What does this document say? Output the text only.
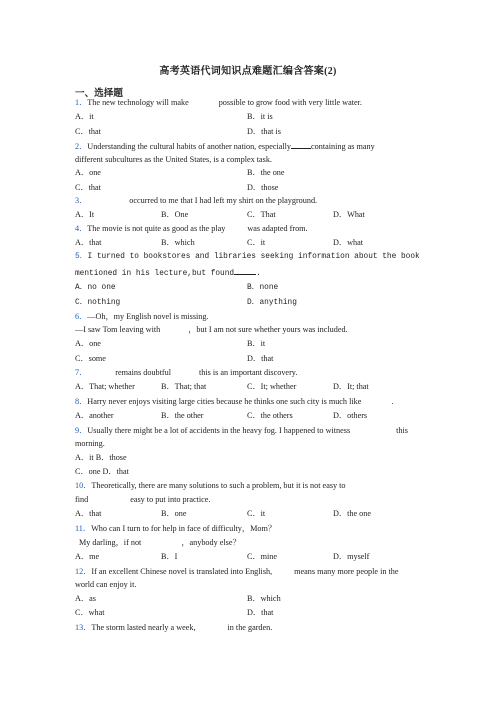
高考英语代词知识点难题汇编含答案(2)
一、选择题
1．The new technology will make	possible to grow food with very little water.
A．it	B．it is
C．that	D．that is
2．Understanding the cultural habits of another nation, especially containing as many
different subcultures as the United States, is a complex task.
A．one	B．the one
C．that	D．those
3．	occurred to me that I had left my shirt on the playground.
A．It	B．One	C．That	D．What
4．The movie is not quite as good as the play	was adapted from.
A．that	B．which	C．it	D．what
5．I turned to bookstores and libraries seeking information about the book
mentioned in his lecture,but found	.
A．no one	B．none
C．nothing	D．anything
6．—Oh，my English novel is missing.
—I saw Tom leaving with	，but I am not sure whether yours was included.
A．one	B．it
C．some	D．that
7．	remains doubtful	this is an important discovery.
A．That; whether	B．That; that	C．It; whether	D．It; that
8．Harry never enjoys visiting large cities because he thinks one such city is much like	.
A．another	B．the other	C．the others	D．others
9．Usually there might be a lot of accidents in the heavy fog. I happened to witness	this
morning.
A．it B．those
C．one D．that
10．Theoretically, there are many solutions to such a problem, but it is not easy to
find	easy to put into practice.
A．that	B．one	C．it	D．the one
11．Who can I turn to for help in face of difficulty，Mom？
My darling，if not	，anybody else？
A．me	B．I	C．mine	D．myself
12．If an excellent Chinese novel is translated into English,	means many more people in the
world can enjoy it.
A．as	B．which
C．what	D．that
13．The storm lasted nearly a week,	in the garden.
